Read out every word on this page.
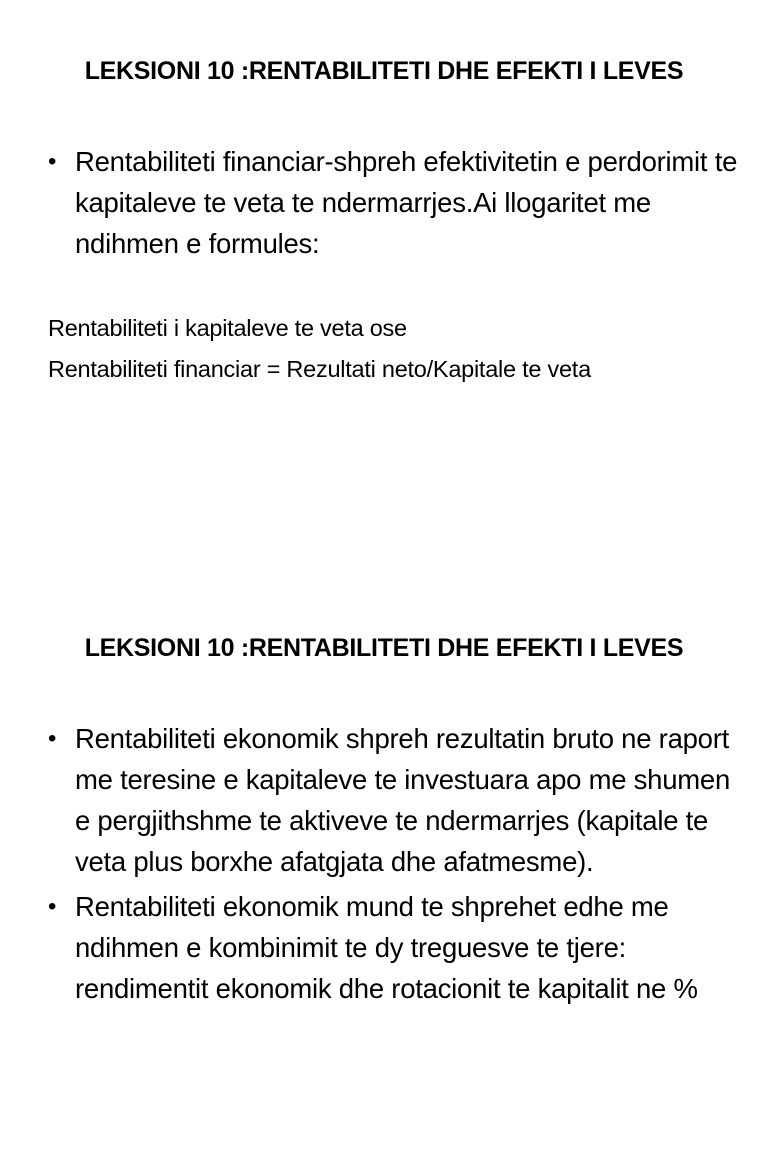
LEKSIONI 10 :RENTABILITETI DHE EFEKTI I LEVES
• Rentabiliteti financiar-shpreh efektivitetin e perdorimit te kapitaleve te veta te ndermarrjes.Ai llogaritet me ndihmen e formules:
Rentabiliteti i kapitaleve te veta ose
Rentabiliteti financiar = Rezultati neto/Kapitale te veta
LEKSIONI 10 :RENTABILITETI DHE EFEKTI I LEVES
• Rentabiliteti ekonomik shpreh rezultatin bruto ne raport me teresine e kapitaleve te investuara apo me shumen e pergjithshme te aktiveve te ndermarrjes (kapitale te veta plus borxhe afatgjata dhe afatmesme).
• Rentabiliteti ekonomik mund te shprehet edhe me ndihmen e kombinimit te dy treguesve te tjere: rendimentit ekonomik dhe rotacionit te kapitalit ne %
